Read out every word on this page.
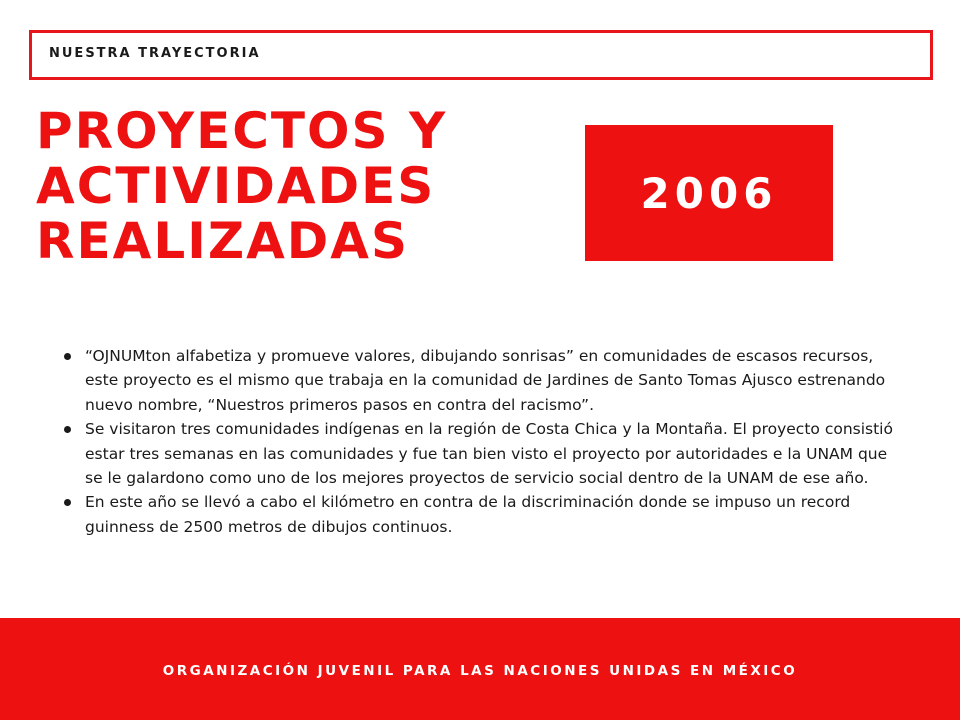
NUESTRA TRAYECTORIA
PROYECTOS Y
ACTIVIDADES
REALIZADAS
2006
“OJNUMton alfabetiza y promueve valores, dibujando sonrisas” en comunidades de escasos recursos, este proyecto es el mismo que trabaja en la comunidad de Jardines de Santo Tomas Ajusco estrenando nuevo nombre, “Nuestros primeros pasos en contra del racismo”.
Se visitaron tres comunidades indígenas en la región de Costa Chica y la Montaña. El proyecto consistió estar tres semanas en las comunidades y fue tan bien visto el proyecto por autoridades e la UNAM que se le galardono como uno de los mejores proyectos de servicio social dentro de la UNAM de ese año.
En este año se llevó a cabo el kilómetro en contra de la discriminación donde se impuso un record guinness de 2500 metros de dibujos continuos.
ORGANIZACIÓN JUVENIL PARA LAS NACIONES UNIDAS EN MÉXICO
